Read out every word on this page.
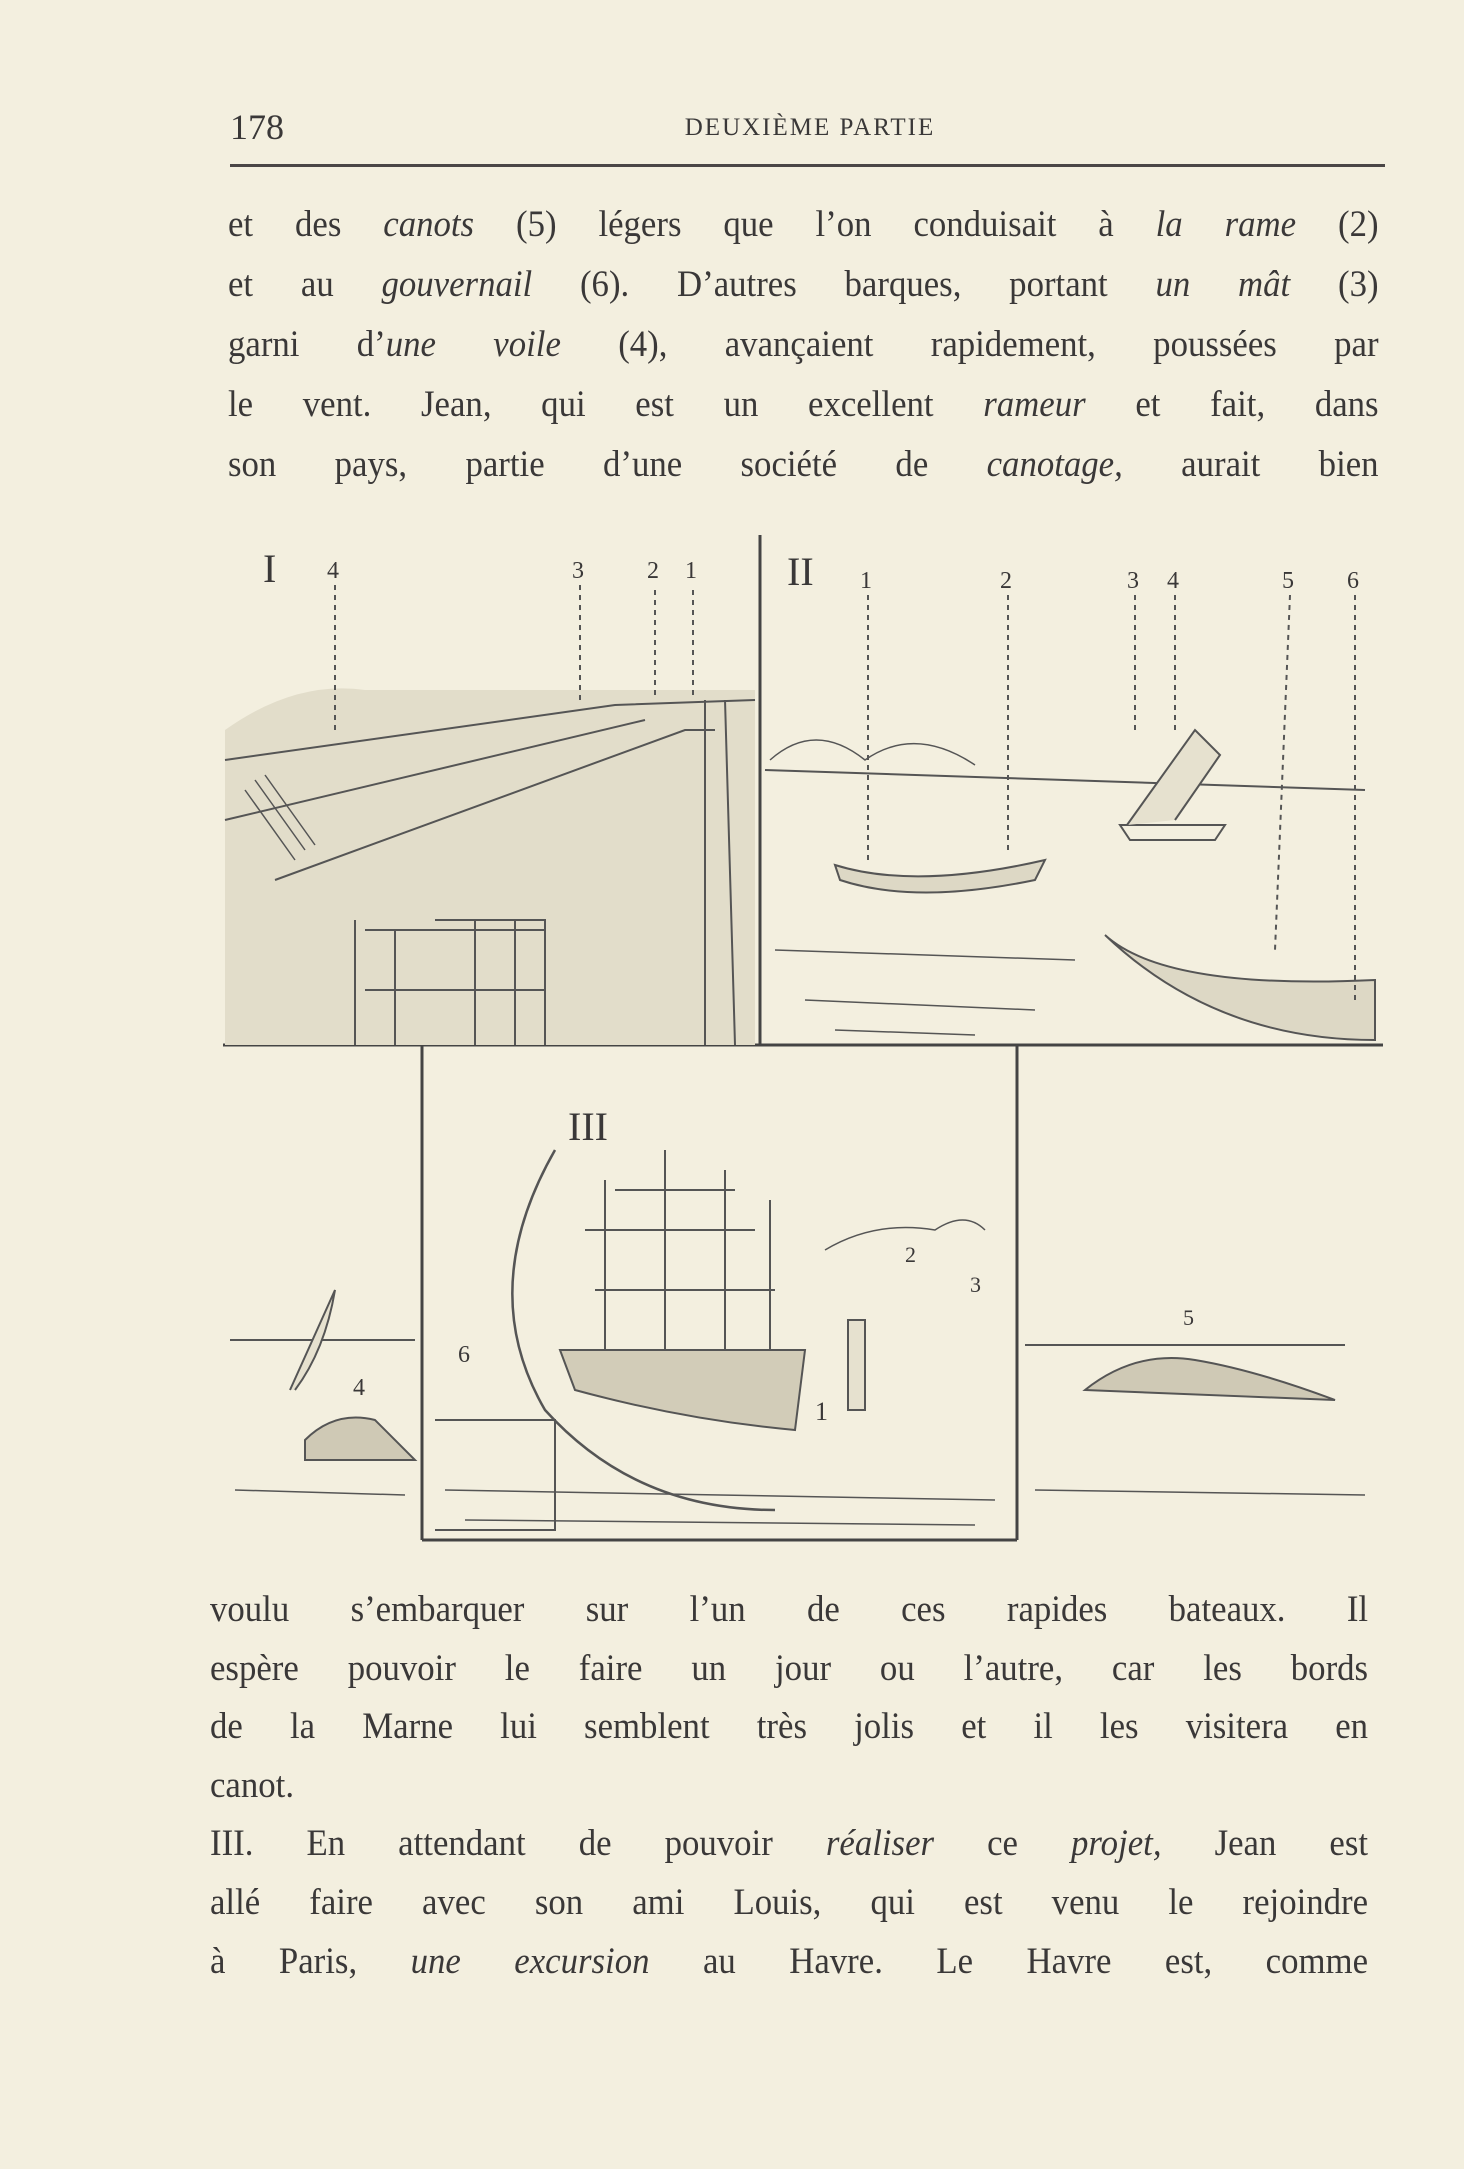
178	DEUXIÈME PARTIE
et des canots (5) légers que l’on conduisait à la rame (2)
et au gouvernail (6). D’autres barques, portant un mât (3)
garni d’une voile (4), avançaient rapidement, poussées par
le vent. Jean, qui est un excellent rameur et fait, dans
son pays, partie d’une société de canotage, aurait bien
I 4	3	2 1 II 1	2	3 4	5 6
III
1
2
3
4
5
6
voulu s’embarquer sur l’un de ces rapides bateaux. Il
espère pouvoir le faire un jour ou l’autre, car les bords
de la Marne lui semblent très jolis et il les visitera en
canot.
III. En attendant de pouvoir réaliser ce projet, Jean est
allé faire avec son ami Louis, qui est venu le rejoindre
à Paris, une excursion au Havre. Le Havre est, comme
